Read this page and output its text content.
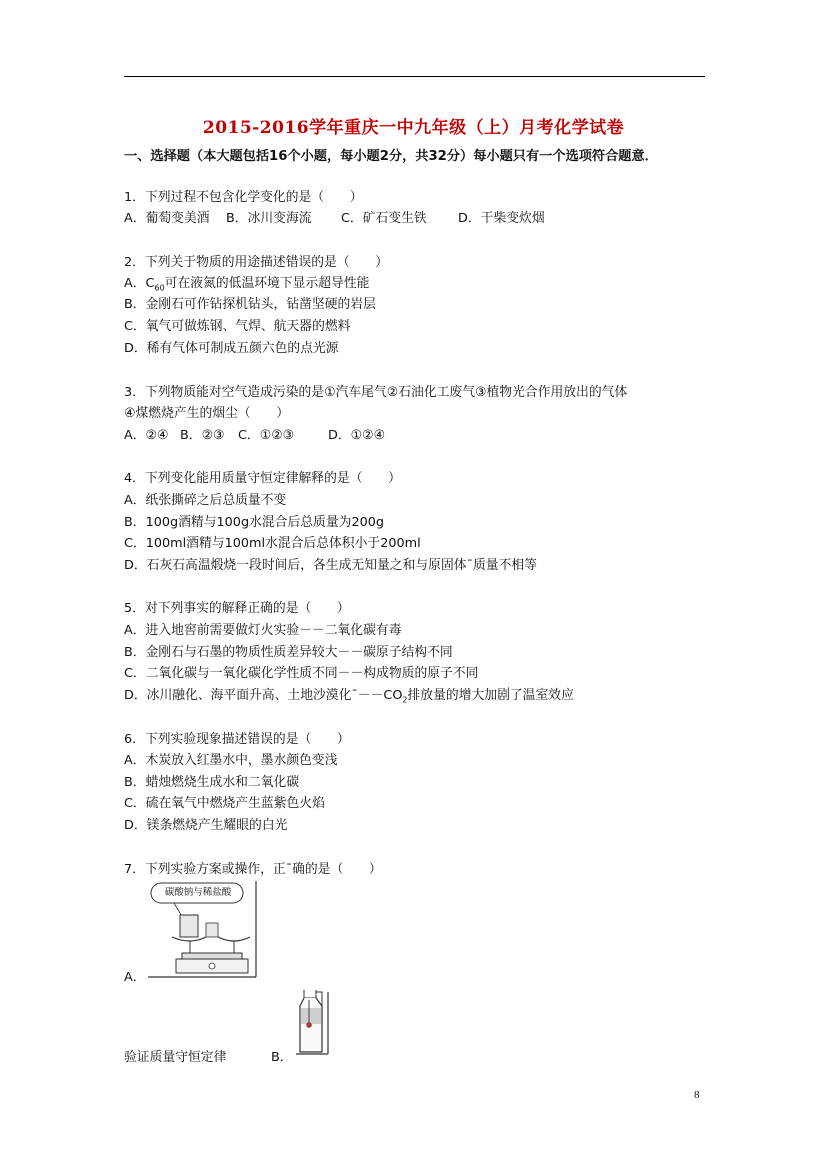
2015-2016学年重庆一中九年级（上）月考化学试卷
一、选择题（本大题包括16个小题，每小题2分，共32分）每小题只有一个选项符合题意．
1．下列过程不包含化学变化的是（　　）
A．葡萄变美酒 B．冰川变海流 C．矿石变生铁 D．干柴变炊烟
2．下列关于物质的用途描述错误的是（　　）
A．$C_{60}$可在液氮的低温环境下显示超导性能
B．金刚石可作钻探机钻头，钻凿坚硬的岩层
C．氧气可做炼钢、气焊、航天器的燃料
D．稀有气体可制成五颜六色的点光源
3．下列物质能对空气造成污染的是①汽车尾气②石油化工废气③植物光合作用放出的气体
④煤燃烧产生的烟尘（　　）
A．②④ B．②③ C．①②③	D．①②④
4．下列变化能用质量守恒定律解释的是（　　）
A．纸张撕碎之后总质量不变
B．100g酒精与100g水混合后总质量为200g
C．100ml酒精与100ml水混合后总体积小于200ml
D．石灰石高温煅烧一段时间后，各生成无知量之和与原固体ˉ质量不相等
5．对下列事实的解释正确的是（　　）
A．进入地窖前需要做灯火实验－－二氧化碳有毒
B．金刚石与石墨的物质性质差异较大－－碳原子结构不同
C．二氧化碳与一氧化碳化学性质不同－－构成物质的原子不同
D．冰川融化、海平面升高、土地沙漠化$ˉ--CO_2$排放量的增大加剧了温室效应
6．下列实验现象描述错误的是（　　）
A．木炭放入红墨水中，墨水颜色变浅
B．蜡烛燃烧生成水和二氧化碳
C．硫在氧气中燃烧产生蓝紫色火焰
D．镁条燃烧产生耀眼的白光
7．下列实验方案或操作，正ˉ确的是（　　）
碳酸钠与稀盐酸
A．
验证质量守恒定律	B．
8
